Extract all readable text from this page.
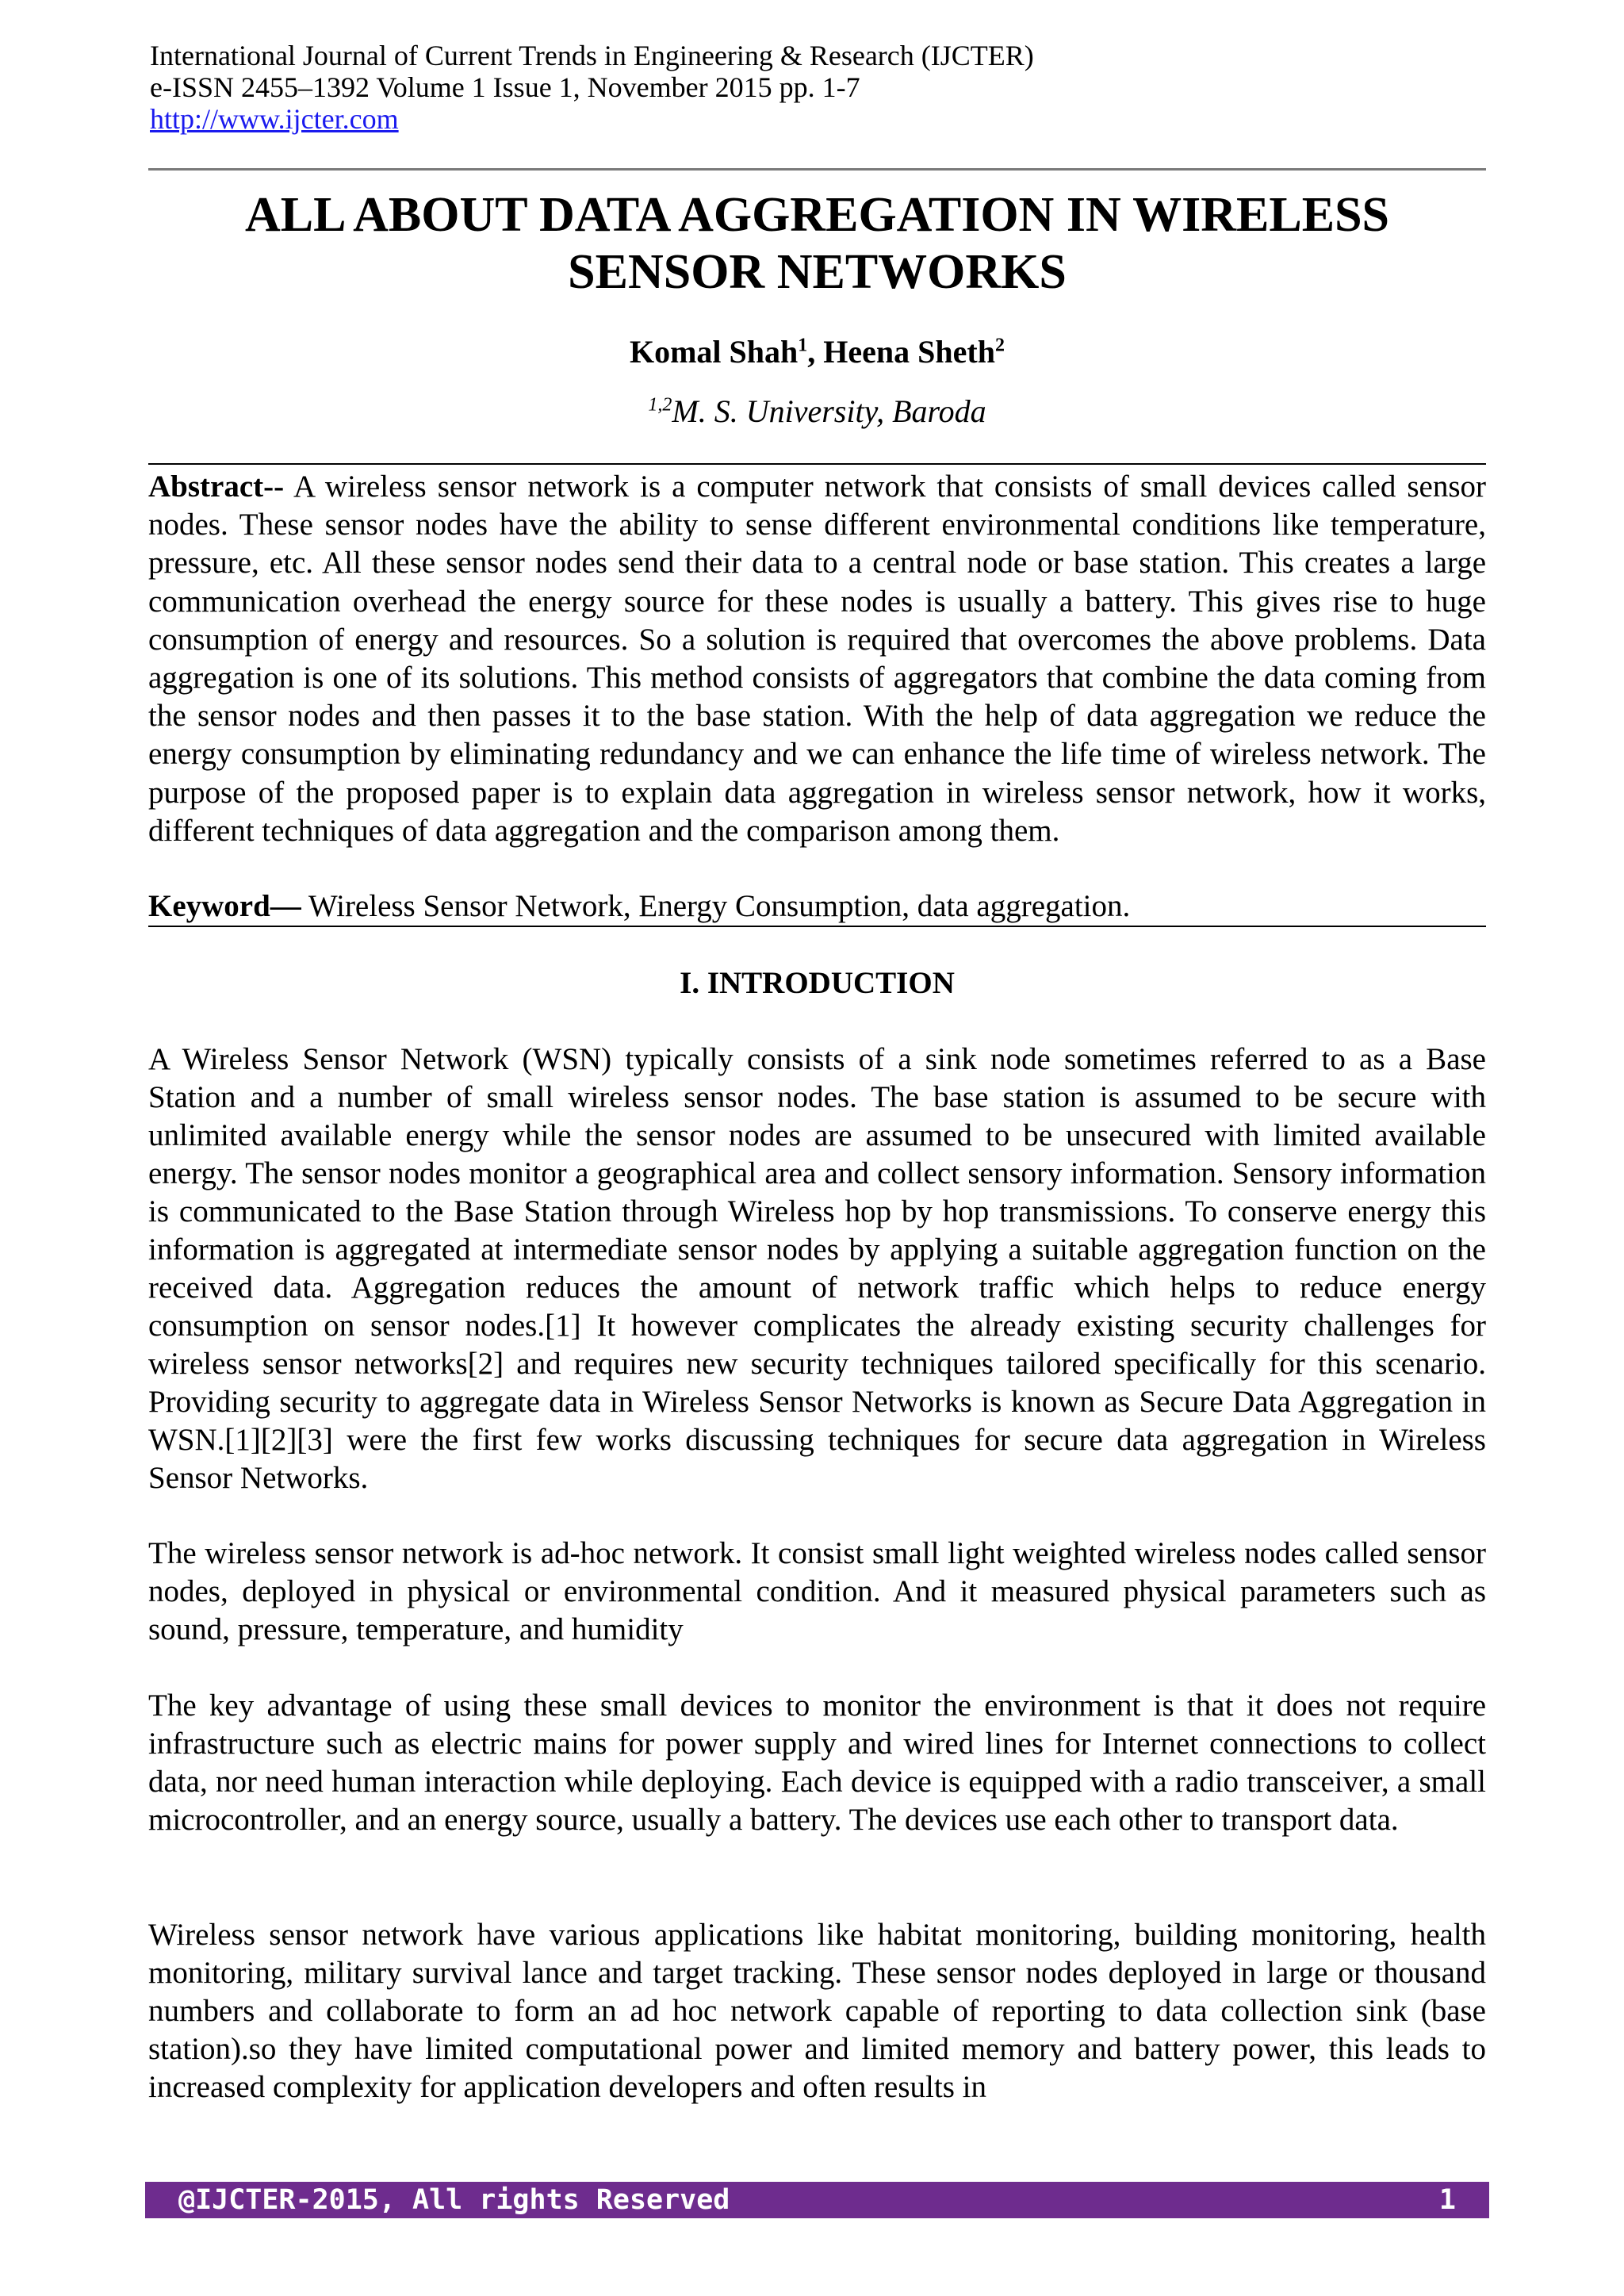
International Journal of Current Trends in Engineering & Research (IJCTER)
e-ISSN 2455–1392 Volume 1 Issue 1, November 2015 pp. 1-7
http://www.ijcter.com
ALL ABOUT DATA AGGREGATION IN WIRELESS
SENSOR NETWORKS
Komal Shah$^1$, Heena Sheth$^2$
$^{1,2}$M. S. University, Baroda

Abstract-- A wireless sensor network is a computer network that consists of small devices called sensor nodes. These sensor nodes have the ability to sense different environmental conditions like temperature, pressure, etc. All these sensor nodes send their data to a central node or base station. This creates a large communication overhead the energy source for these nodes is usually a battery. This gives rise to huge consumption of energy and resources. So a solution is required that overcomes the above problems. Data aggregation is one of its solutions. This method consists of aggregators that combine the data coming from the sensor nodes and then passes it to the base station. With the help of data aggregation we reduce the energy consumption by eliminating redundancy and we can enhance the life time of wireless network. The purpose of the proposed paper is to explain data aggregation in wireless sensor network, how it works, different techniques of data aggregation and the comparison among them.

Keyword— Wireless Sensor Network, Energy Consumption, data aggregation.

I. INTRODUCTION

A Wireless Sensor Network (WSN) typically consists of a sink node sometimes referred to as a Base Station and a number of small wireless sensor nodes. The base station is assumed to be secure with unlimited available energy while the sensor nodes are assumed to be unsecured with limited available energy. The sensor nodes monitor a geographical area and collect sensory information. Sensory information is communicated to the Base Station through Wireless hop by hop transmissions. To conserve energy this information is aggregated at intermediate sensor nodes by applying a suitable aggregation function on the received data. Aggregation reduces the amount of network traffic which helps to reduce energy consumption on sensor nodes.[1] It however complicates the already existing security challenges for wireless sensor networks[2] and requires new security techniques tailored specifically for this scenario. Providing security to aggregate data in Wireless Sensor Networks is known as Secure Data Aggregation in WSN.[1][2][3] were the first few works discussing techniques for secure data aggregation in Wireless Sensor Networks.

The wireless sensor network is ad-hoc network. It consist small light weighted wireless nodes called sensor nodes, deployed in physical or environmental condition. And it measured physical parameters such as sound, pressure, temperature, and humidity

The key advantage of using these small devices to monitor the environment is that it does not require infrastructure such as electric mains for power supply and wired lines for Internet connections to collect data, nor need human interaction while deploying. Each device is equipped with a radio transceiver, a small microcontroller, and an energy source, usually a battery. The devices use each other to transport data.

Wireless sensor network have various applications like habitat monitoring, building monitoring, health monitoring, military survival lance and target tracking. These sensor nodes deployed in large or thousand numbers and collaborate to form an ad hoc network capable of reporting to data collection sink (base station).so they have limited computational power and limited memory and battery power, this leads to increased complexity for application developers and often results in

@IJCTER-2015, All rights Reserved	1
